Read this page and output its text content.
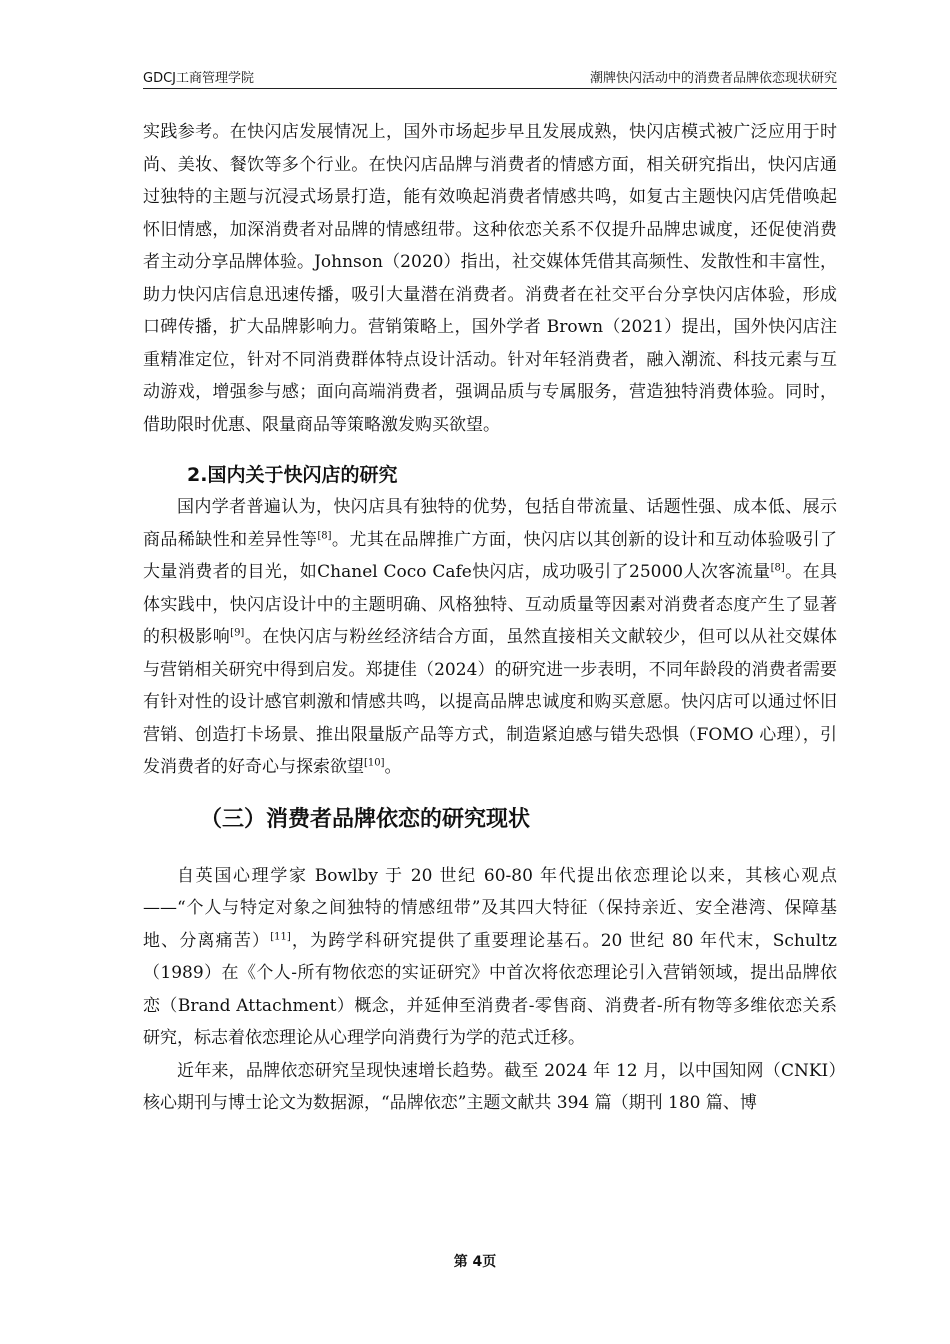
GDCJ工商管理学院	潮牌快闪活动中的消费者品牌依恋现状研究

实践参考。在快闪店发展情况上，国外市场起步早且发展成熟，快闪店模式被广泛应用于时尚、美妆、餐饮等多个行业。在快闪店品牌与消费者的情感方面，相关研究指出，快闪店通过独特的主题与沉浸式场景打造，能有效唤起消费者情感共鸣，如复古主题快闪店凭借唤起怀旧情感，加深消费者对品牌的情感纽带。这种依恋关系不仅提升品牌忠诚度，还促使消费者主动分享品牌体验。Johnson（2020）指出，社交媒体凭借其高频性、发散性和丰富性，助力快闪店信息迅速传播，吸引大量潜在消费者。消费者在社交平台分享快闪店体验，形成口碑传播，扩大品牌影响力。营销策略上，国外学者 Brown（2021）提出，国外快闪店注重精准定位，针对不同消费群体特点设计活动。针对年轻消费者，融入潮流、科技元素与互动游戏，增强参与感；面向高端消费者，强调品质与专属服务，营造独特消费体验。同时，借助限时优惠、限量商品等策略激发购买欲望。

2.国内关于快闪店的研究

国内学者普遍认为，快闪店具有独特的优势，包括自带流量、话题性强、成本低、展示商品稀缺性和差异性等[8]。尤其在品牌推广方面，快闪店以其创新的设计和互动体验吸引了大量消费者的目光，如Chanel Coco Cafe快闪店，成功吸引了25000人次客流量[8]。在具体实践中，快闪店设计中的主题明确、风格独特、互动质量等因素对消费者态度产生了显著的积极影响[9]。在快闪店与粉丝经济结合方面，虽然直接相关文献较少，但可以从社交媒体与营销相关研究中得到启发。郑捷佳（2024）的研究进一步表明，不同年龄段的消费者需要有针对性的设计感官刺激和情感共鸣，以提高品牌忠诚度和购买意愿。快闪店可以通过怀旧营销、创造打卡场景、推出限量版产品等方式，制造紧迫感与错失恐惧（FOMO 心理），引发消费者的好奇心与探索欲望[10]。

（三）消费者品牌依恋的研究现状

自英国心理学家 Bowlby 于 20 世纪 60-80 年代提出依恋理论以来，其核心观点——“个人与特定对象之间独特的情感纽带”及其四大特征（保持亲近、安全港湾、保障基地、分离痛苦）[11]，为跨学科研究提供了重要理论基石。20 世纪 80 年代末，Schultz（1989）在《个人-所有物依恋的实证研究》中首次将依恋理论引入营销领域，提出品牌依恋（Brand Attachment）概念，并延伸至消费者-零售商、消费者-所有物等多维依恋关系研究，标志着依恋理论从心理学向消费行为学的范式迁移。

近年来，品牌依恋研究呈现快速增长趋势。截至 2024 年 12 月，以中国知网（CNKI）核心期刊与博士论文为数据源，“品牌依恋”主题文献共 394 篇（期刊 180 篇、博

第 4页
